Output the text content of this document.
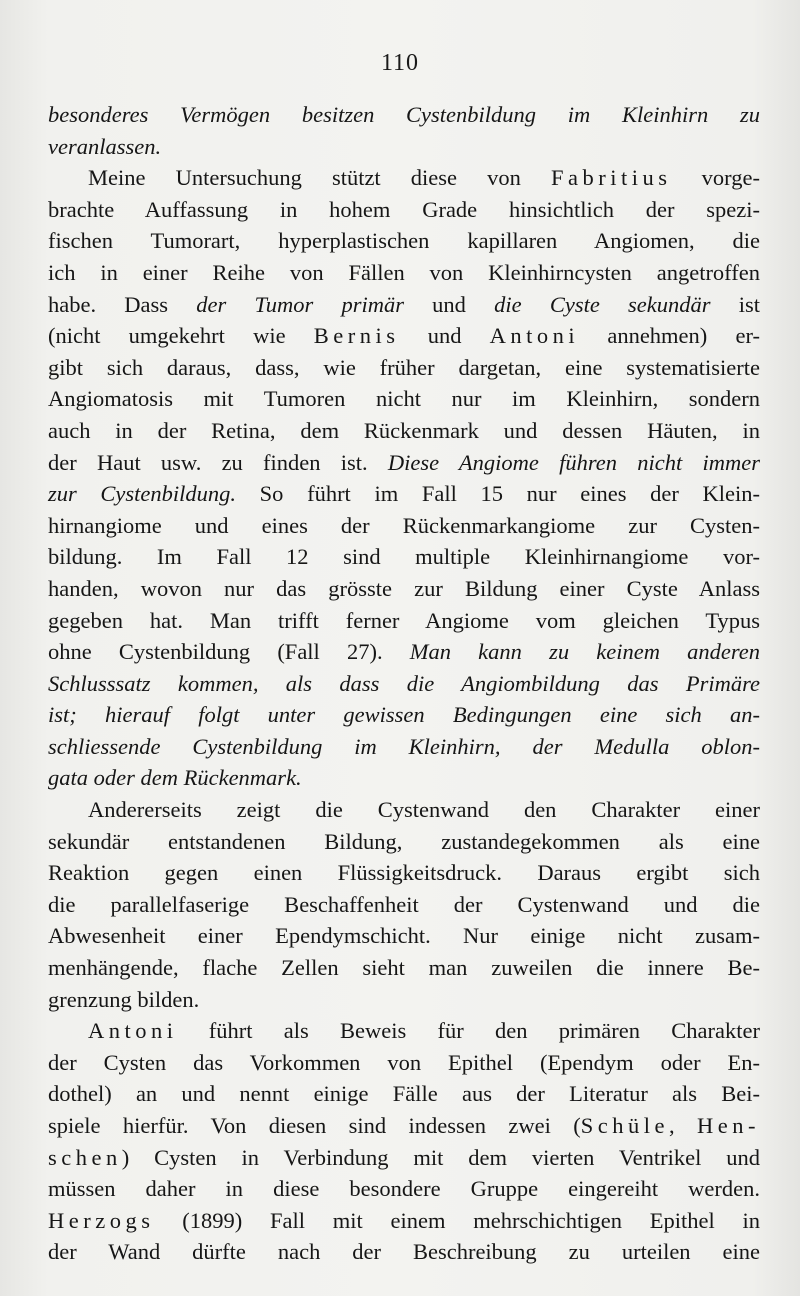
110
besonderes Vermögen besitzen Cystenbildung im Kleinhirn zu
veranlassen.
Meine Untersuchung stützt diese von Fabritius vorge-
brachte Auffassung in hohem Grade hinsichtlich der spezi-
fischen Tumorart, hyperplastischen kapillaren Angiomen, die
ich in einer Reihe von Fällen von Kleinhirncysten angetroffen
habe. Dass der Tumor primär und die Cyste sekundär ist
(nicht umgekehrt wie Bernis und Antoni annehmen) er-
gibt sich daraus, dass, wie früher dargetan, eine systematisierte
Angiomatosis mit Tumoren nicht nur im Kleinhirn, sondern
auch in der Retina, dem Rückenmark und dessen Häuten, in
der Haut usw. zu finden ist. Diese Angiome führen nicht immer
zur Cystenbildung. So führt im Fall 15 nur eines der Klein-
hirnangiome und eines der Rückenmarkangiome zur Cysten-
bildung. Im Fall 12 sind multiple Kleinhirnangiome vor-
handen, wovon nur das grösste zur Bildung einer Cyste Anlass
gegeben hat. Man trifft ferner Angiome vom gleichen Typus
ohne Cystenbildung (Fall 27). Man kann zu keinem anderen
Schlusssatz kommen, als dass die Angiombildung das Primäre
ist; hierauf folgt unter gewissen Bedingungen eine sich an-
schliessende Cystenbildung im Kleinhirn, der Medulla oblon-
gata oder dem Rückenmark.
Andererseits zeigt die Cystenwand den Charakter einer
sekundär entstandenen Bildung, zustandegekommen als eine
Reaktion gegen einen Flüssigkeitsdruck. Daraus ergibt sich
die parallelfaserige Beschaffenheit der Cystenwand und die
Abwesenheit einer Ependymschicht. Nur einige nicht zusam-
menhängende, flache Zellen sieht man zuweilen die innere Be-
grenzung bilden.
Antoni führt als Beweis für den primären Charakter
der Cysten das Vorkommen von Epithel (Ependym oder En-
dothel) an und nennt einige Fälle aus der Literatur als Bei-
spiele hierfür. Von diesen sind indessen zwei (Schüle, Hen-
schen) Cysten in Verbindung mit dem vierten Ventrikel und
müssen daher in diese besondere Gruppe eingereiht werden.
Herzogs (1899) Fall mit einem mehrschichtigen Epithel in
der Wand dürfte nach der Beschreibung zu urteilen eine
